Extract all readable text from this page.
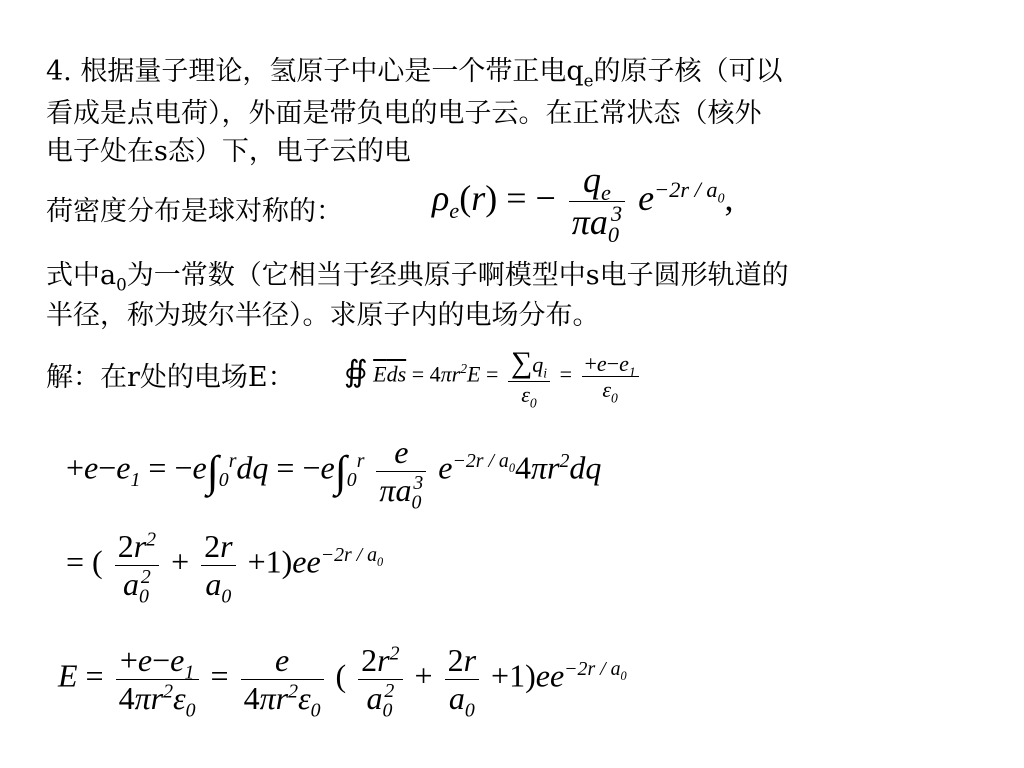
4. 根据量子理论，氢原子中心是一个带正电$q_e$的原子核（可以
看成是点电荷），外面是带负电的电子云。在正常状态（核外
电子处在s态）下，电子云的电
荷密度分布是球对称的： $\rho_e(r)$ = − $\frac{q_e}{\pi a_0^3} e^{-2r / a_0}$,
式中$a_0$为一常数（它相当于经典原子啊模型中s电子圆形轨道的
半径，称为玻尔半径）。求原子内的电场分布。
解：在r处的电场E： ∯ $\overline{E}\overline{ds} = 4\pi r^2E = \frac{\sum q_i}{\varepsilon_0} = \frac{+e-e_1}{\varepsilon_0}$
$+e-e_1 = -e\int_0^rdq = -e\int_0^r \frac{e}{\pi a_0^3} e^{-2r / a_0}4\pi r^2dq$
= ( $\frac{2r^2}{a_0^2} + \frac{2r}{a_0} +1)ee^{-2r / a_0}$
$E = \frac{+e-e_1}{4\pi r^2\varepsilon_0} = \frac{e}{4\pi r^2\varepsilon_0}$ ( $\frac{2r^2}{a_0^2} + \frac{2r}{a_0} +1)ee^{-2r / a_0}$
